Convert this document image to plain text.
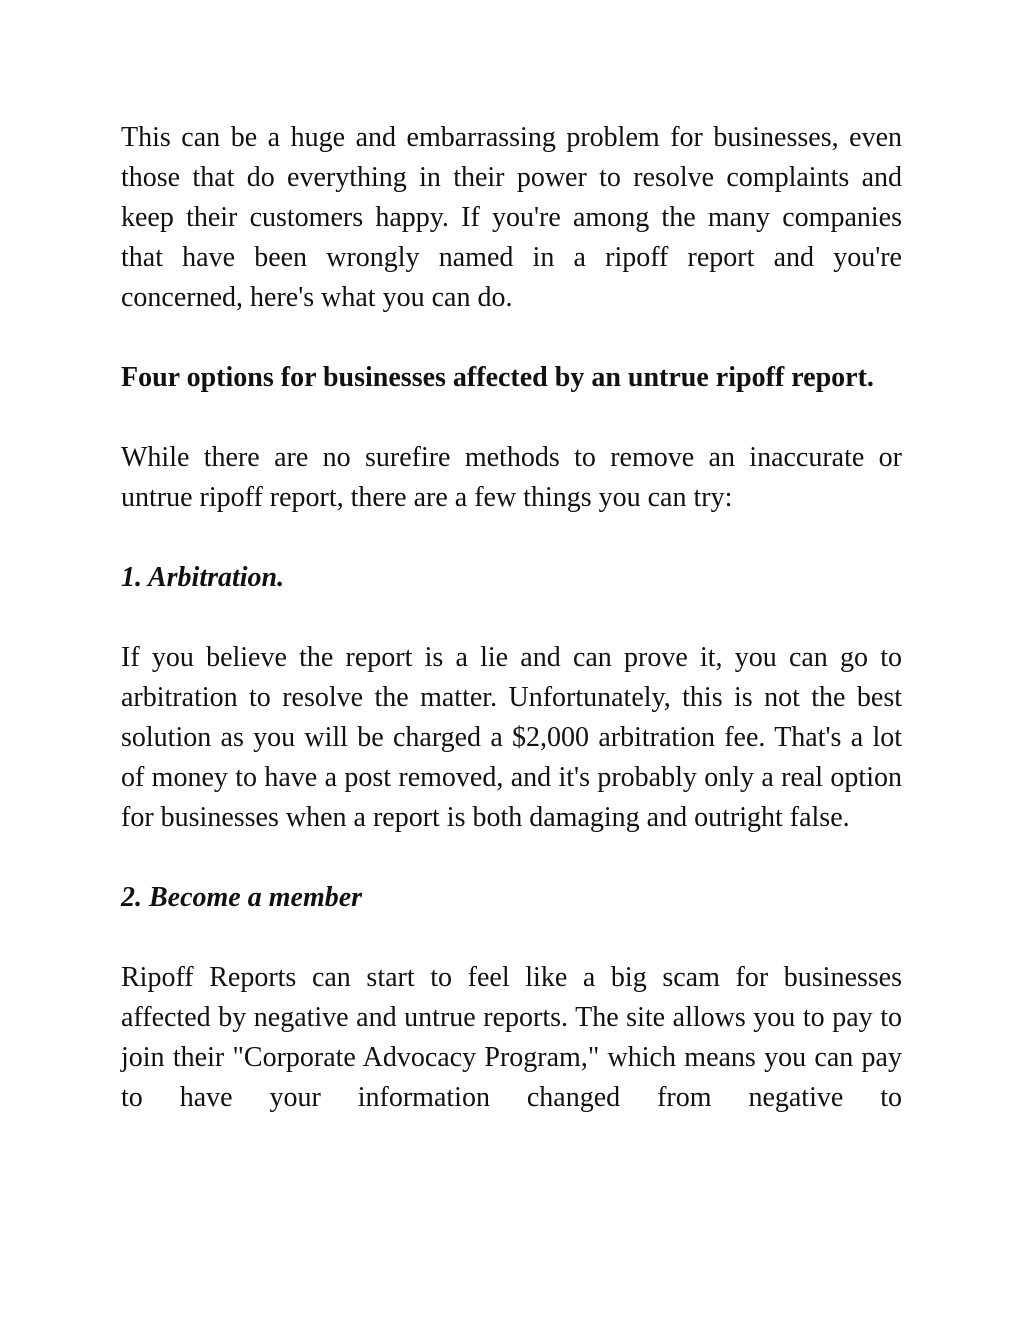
This can be a huge and embarrassing problem for businesses, even those that do everything in their power to resolve complaints and keep their customers happy. If you're among the many companies that have been wrongly named in a ripoff report and you're concerned, here's what you can do.

Four options for businesses affected by an untrue ripoff report.

While there are no surefire methods to remove an inaccurate or untrue ripoff report, there are a few things you can try:

1. Arbitration.

If you believe the report is a lie and can prove it, you can go to arbitration to resolve the matter. Unfortunately, this is not the best solution as you will be charged a $2,000 arbitration fee. That's a lot of money to have a post removed, and it's probably only a real option for businesses when a report is both damaging and outright false.

2. Become a member

Ripoff Reports can start to feel like a big scam for businesses affected by negative and untrue reports. The site allows you to pay to join their "Corporate Advocacy Program," which means you can pay to have your information changed from negative to
